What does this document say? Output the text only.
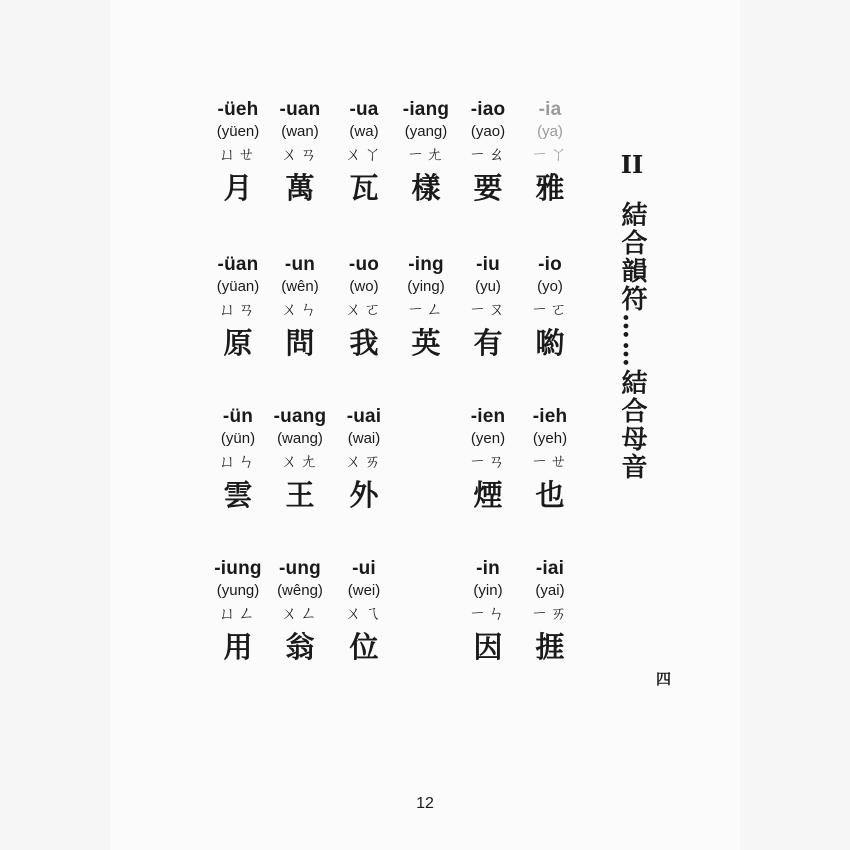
-üeh
(yüen)
ㄩㄝ
月
-uan
(wan)
ㄨㄢ
萬
-ua
(wa)
ㄨㄚ
瓦
-iang
(yang)
ㄧㄤ
樣
-iao
(yao)
ㄧㄠ
要
-ia
(ya)
ㄧㄚ
雅
-üan
(yüan)
ㄩㄢ
原
-un
(wên)
ㄨㄣ
問
-uo
(wo)
ㄨㄛ
我
-ing
(ying)
ㄧㄥ
英
-iu
(yu)
ㄧㄡ
有
-io
(yo)
ㄧㄛ
喲
-ün
(yün)
ㄩㄣ
雲
-uang
(wang)
ㄨㄤ
王
-uai
(wai)
ㄨㄞ
外
-ien
(yen)
ㄧㄢ
煙
-ieh
(yeh)
ㄧㄝ
也
-iung
(yung)
ㄩㄥ
用
-ung
(wêng)
ㄨㄥ
翁
-ui
(wei)
ㄨㄟ
位
-in
(yin)
ㄧㄣ
因
-iai
(yai)
ㄧㄞ
捱
II
結合韻符……結合母音
四
12
